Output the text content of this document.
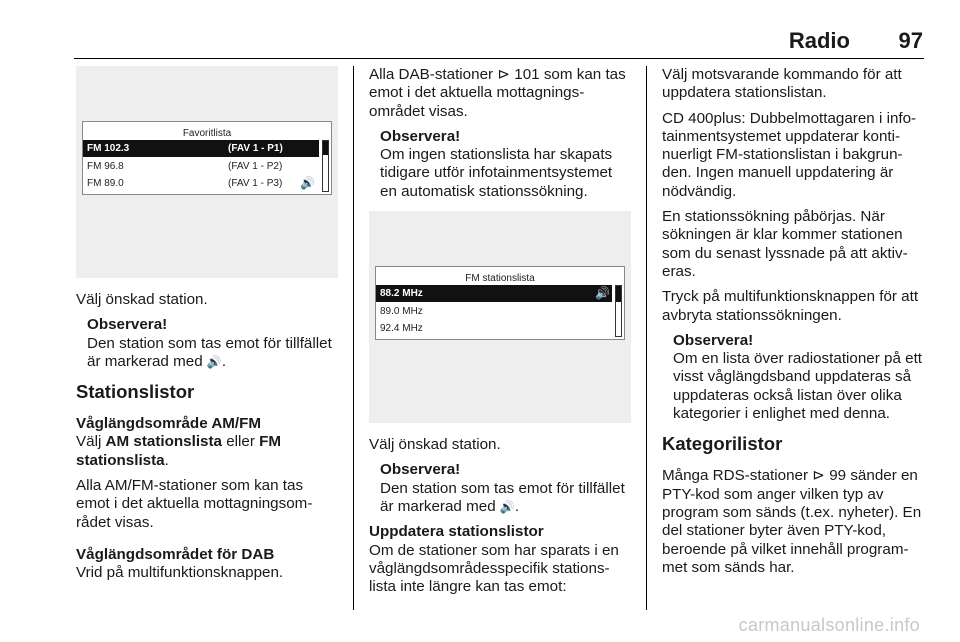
Radio 97
Favoritlista
FM 102.3	(FAV 1 - P1)
FM 96.8	(FAV 1 - P2)
FM 89.0	(FAV 1 - P3) 🔊

Välj önskad station.

Observera!
Den station som tas emot för tillfället är markerad med 🔊.
Stationslistor

Våglängdsområde AM/FM

Välj AM stationslista eller FM stationslista.

Alla AM/FM-stationer som kan tas emot i det aktuella mottagningsom-rådet visas.

Våglängdsområdet för DAB

Vrid på multifunktionsknappen.

Alla DAB-stationer ⊳ 101 som kan tas emot i det aktuella mottagnings-området visas.

Observera!
Om ingen stationslista har skapats tidigare utför infotainmentsystemet en automatisk stationssökning.
FM stationslista
88.2 MHz	🔊
89.0 MHz
92.4 MHz

Välj önskad station.

Observera!
Den station som tas emot för tillfället är markerad med 🔊.

Uppdatera stationslistor

Om de stationer som har sparats i en våglängdsområdesspecifik stations-lista inte längre kan tas emot:

Välj motsvarande kommando för att uppdatera stationslistan.

CD 400plus: Dubbelmottagaren i info-tainmentsystemet uppdaterar konti-nuerligt FM-stationslistan i bakgrun-den. Ingen manuell uppdatering är nödvändig.

En stationssökning påbörjas. När sökningen är klar kommer stationen som du senast lyssnade på att aktiv-eras.

Tryck på multifunktionsknappen för att avbryta stationssökningen.

Observera!
Om en lista över radiostationer på ett visst våglängdsband uppdateras så uppdateras också listan över olika kategorier i enlighet med denna.
Kategorilistor

Många RDS-stationer ⊳ 99 sänder en PTY-kod som anger vilken typ av program som sänds (t.ex. nyheter). En del stationer byter även PTY-kod, beroende på vilket innehåll program-met som sänds har.

carmanualsonline.info
